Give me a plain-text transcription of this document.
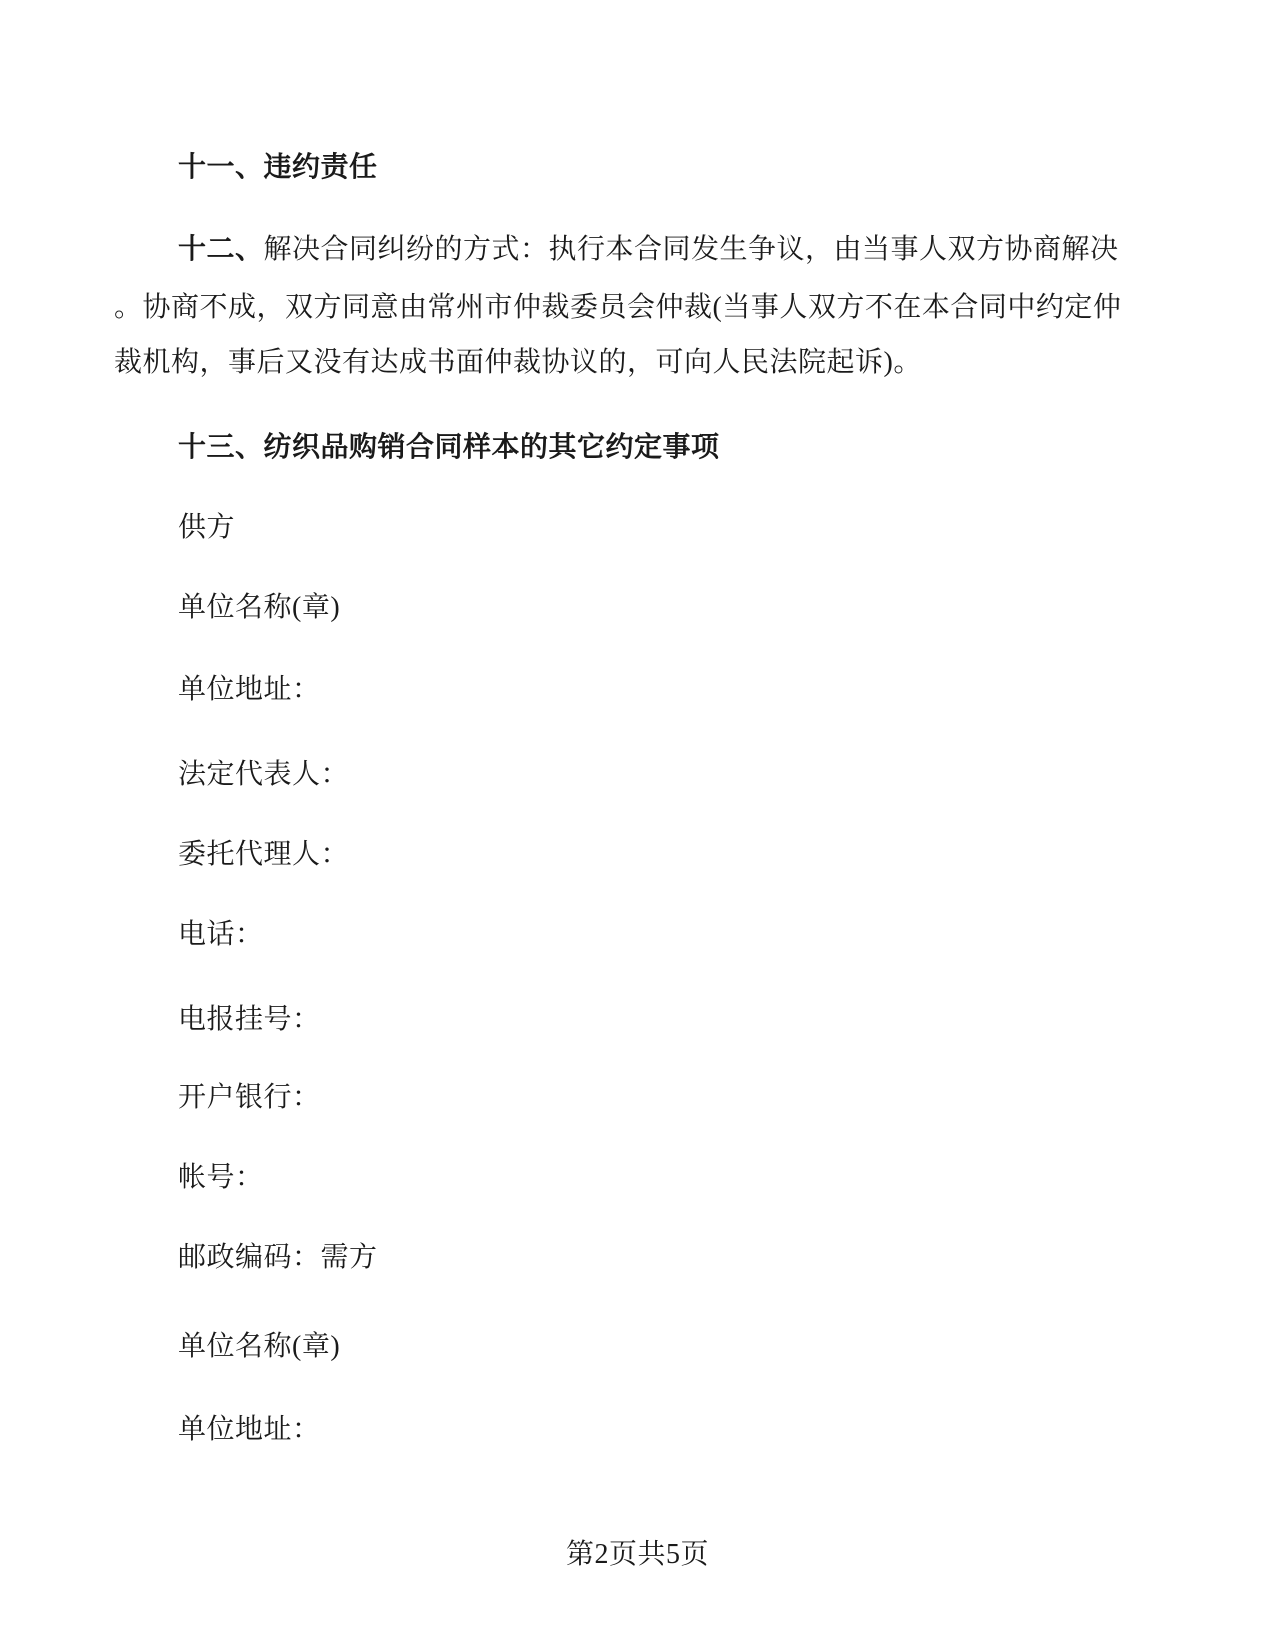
十一、违约责任
十二、解决合同纠纷的方式：执行本合同发生争议，由当事人双方协商解决
。协商不成，双方同意由常州市仲裁委员会仲裁(当事人双方不在本合同中约定仲
裁机构，事后又没有达成书面仲裁协议的，可向人民法院起诉)。
十三、纺织品购销合同样本的其它约定事项
供方
单位名称(章)
单位地址：
法定代表人：
委托代理人：
电话：
电报挂号：
开户银行：
帐号：
邮政编码：需方
单位名称(章)
单位地址：
第2页共5页
